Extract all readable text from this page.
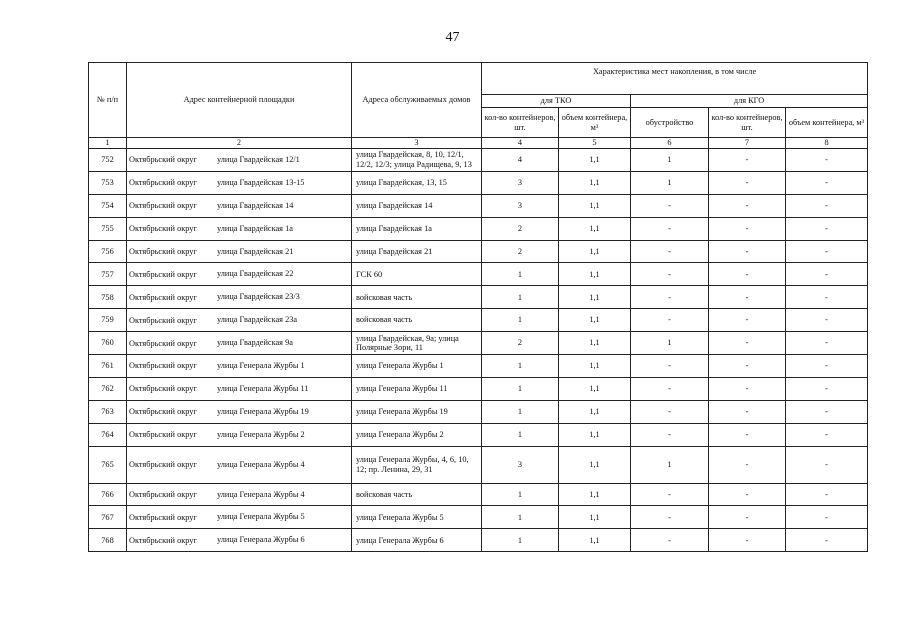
47
№ п/п	Адрес контейнерной площадки	Адреса обслуживаемых домов	Характеристика мест накопления, в том числе				
			для ТКО		для КГО		
			кол-во контейнеров, шт.	объем контейнера, м³	обустройство	кол-во контейнеров, шт.	объем контейнера, м³
1	2	3	4	5	6	7	8
752	Октябрьский округ улица Гвардейская 12/1	улица Гвардейская, 8, 10, 12/1, 12/2, 12/3; улица Радищева, 9, 13	4	1,1	1	-	-
753	Октябрьский округ улица Гвардейская 13-15	улица Гвардейская, 13, 15	3	1,1	1	-	-
754	Октябрьский округ улица Гвардейская 14	улица Гвардейская 14	3	1,1	-	-	-
755	Октябрьский округ улица Гвардейская 1а	улица Гвардейская 1а	2	1,1	-	-	-
756	Октябрьский округ улица Гвардейская 21	улица Гвардейская 21	2	1,1	-	-	-
757	Октябрьский округ улица Гвардейская 22	ГСК 60	1	1,1	-	-	-
758	Октябрьский округ улица Гвардейская 23/3	войсковая часть	1	1,1	-	-	-
759	Октябрьский округ улица Гвардейская 23а	войсковая часть	1	1,1	-	-	-
760	Октябрьский округ улица Гвардейская 9а	улица Гвардейская, 9а; улица Полярные Зори, 11	2	1,1	1	-	-
761	Октябрьский округ улица Генерала Журбы 1	улица Генерала Журбы 1	1	1,1	-	-	-
762	Октябрьский округ улица Генерала Журбы 11	улица Генерала Журбы 11	1	1,1	-	-	-
763	Октябрьский округ улица Генерала Журбы 19	улица Генерала Журбы 19	1	1,1	-	-	-
764	Октябрьский округ улица Генерала Журбы 2	улица Генерала Журбы 2	1	1,1	-	-	-
765	Октябрьский округ улица Генерала Журбы 4	улица Генерала Журбы, 4, 6, 10, 12; пр. Ленина, 29, 31	3	1,1	1	-	-
766	Октябрьский округ улица Генерала Журбы 4	войсковая часть	1	1,1	-	-	-
767	Октябрьский округ улица Генерала Журбы 5	улица Генерала Журбы 5	1	1,1	-	-	-
768	Октябрьский округ улица Генерала Журбы 6	улица Генерала Журбы 6	1	1,1	-	-	-
